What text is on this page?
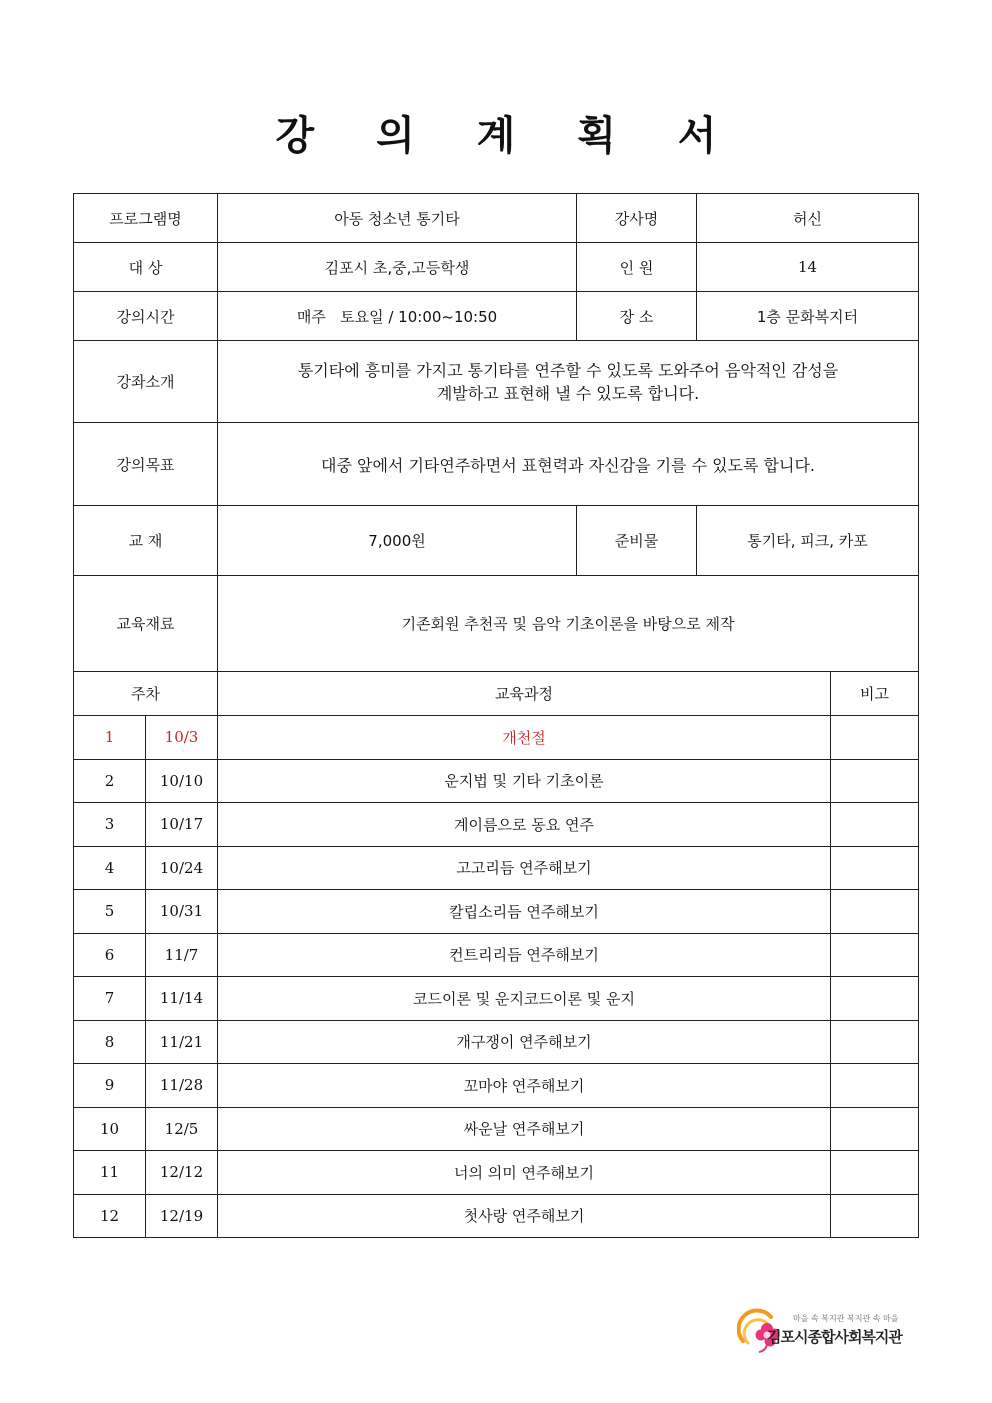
강 의 계 획 서
프로그램명		아동 청소년 통기타	강사명	허신	
대 상		김포시 초,중,고등학생	인 원	14	
강의시간		매주   토요일 / 10:00~10:50	장 소	1층 문화복지터	
강좌소개		통기타에 흥미를 가지고 통기타를 연주할 수 있도록 도와주어 음악적인 감성을
계발하고 표현해 낼 수 있도록 합니다.			

강의목표		대중 앞에서 기타연주하면서 표현력과 자신감을 기를 수 있도록 합니다.			
교 재		7,000원	준비물	통기타, 피크, 카포	
교육재료		기존회원 추천곡 및 음악 기초이론을 바탕으로 제작			
주차		교육과정			비고
1	10/3	개천절			
2	10/10	운지법 및 기타 기초이론			
3	10/17	계이름으로 동요 연주			
4	10/24	고고리듬 연주해보기			
5	10/31	칼립소리듬 연주해보기			
6	11/7	컨트리리듬 연주해보기			
7	11/14	코드이론 및 운지코드이론 및 운지			
8	11/21	개구쟁이 연주해보기			
9	11/28	꼬마야 연주해보기			
10	12/5	싸운날 연주해보기			
11	12/12	너의 의미 연주해보기			
12	12/19	첫사랑 연주해보기			
마을 속 복지관 복지관 속 마을
김포시종합사회복지관
